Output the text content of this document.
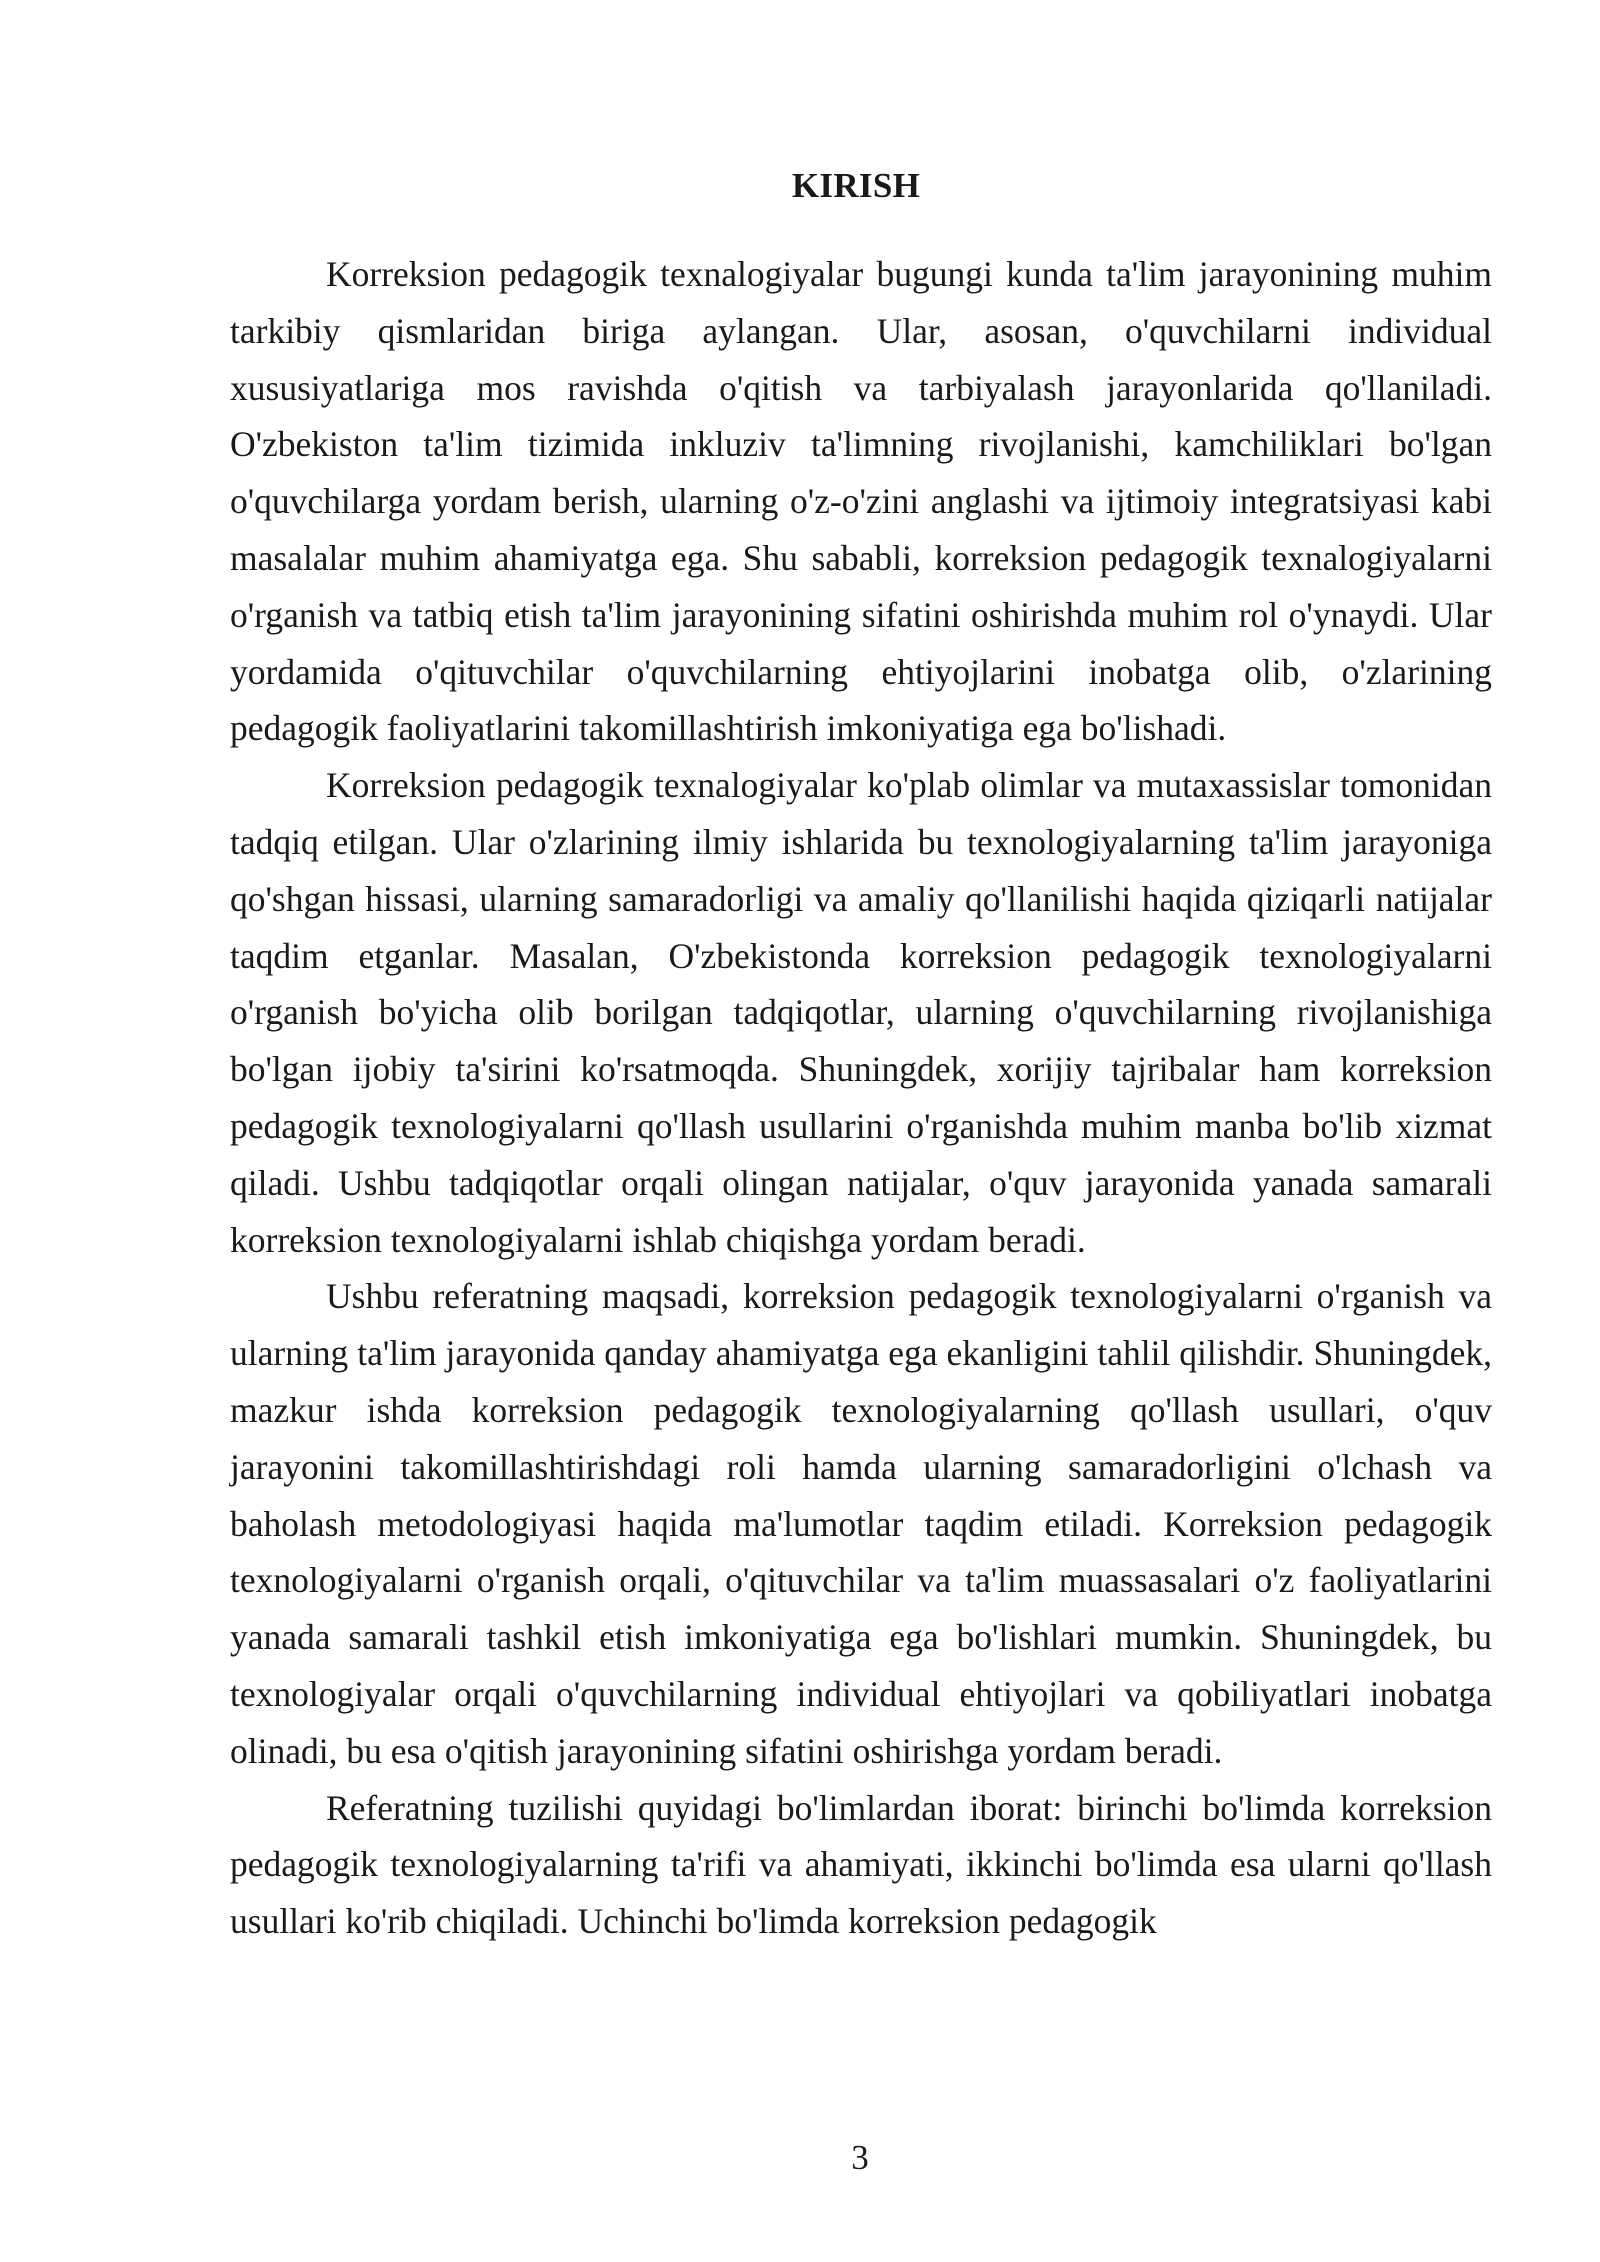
KIRISH

Korreksion pedagogik texnalogiyalar bugungi kunda ta'lim jarayonining muhim tarkibiy qismlaridan biriga aylangan. Ular, asosan, o'quvchilarni individual xususiyatlariga mos ravishda o'qitish va tarbiyalash jarayonlarida qo'llaniladi. O'zbekiston ta'lim tizimida inkluziv ta'limning rivojlanishi, kamchiliklari bo'lgan o'quvchilarga yordam berish, ularning o'z-o'zini anglashi va ijtimoiy integratsiyasi kabi masalalar muhim ahamiyatga ega. Shu sababli, korreksion pedagogik texnalogiyalarni o'rganish va tatbiq etish ta'lim jarayonining sifatini oshirishda muhim rol o'ynaydi. Ular yordamida o'qituvchilar o'quvchilarning ehtiyojlarini inobatga olib, o'zlarining pedagogik faoliyatlarini takomillashtirish imkoniyatiga ega bo'lishadi.

Korreksion pedagogik texnalogiyalar ko'plab olimlar va mutaxassislar tomonidan tadqiq etilgan. Ular o'zlarining ilmiy ishlarida bu texnologiyalarning ta'lim jarayoniga qo'shgan hissasi, ularning samaradorligi va amaliy qo'llanilishi haqida qiziqarli natijalar taqdim etganlar. Masalan, O'zbekistonda korreksion pedagogik texnologiyalarni o'rganish bo'yicha olib borilgan tadqiqotlar, ularning o'quvchilarning rivojlanishiga bo'lgan ijobiy ta'sirini ko'rsatmoqda. Shuningdek, xorijiy tajribalar ham korreksion pedagogik texnologiyalarni qo'llash usullarini o'rganishda muhim manba bo'lib xizmat qiladi. Ushbu tadqiqotlar orqali olingan natijalar, o'quv jarayonida yanada samarali korreksion texnologiyalarni ishlab chiqishga yordam beradi.

Ushbu referatning maqsadi, korreksion pedagogik texnologiyalarni o'rganish va ularning ta'lim jarayonida qanday ahamiyatga ega ekanligini tahlil qilishdir. Shuningdek, mazkur ishda korreksion pedagogik texnologiyalarning qo'llash usullari, o'quv jarayonini takomillashtirishdagi roli hamda ularning samaradorligini o'lchash va baholash metodologiyasi haqida ma'lumotlar taqdim etiladi. Korreksion pedagogik texnologiyalarni o'rganish orqali, o'qituvchilar va ta'lim muassasalari o'z faoliyatlarini yanada samarali tashkil etish imkoniyatiga ega bo'lishlari mumkin. Shuningdek, bu texnologiyalar orqali o'quvchilarning individual ehtiyojlari va qobiliyatlari inobatga olinadi, bu esa o'qitish jarayonining sifatini oshirishga yordam beradi.

Referatning tuzilishi quyidagi bo'limlardan iborat: birinchi bo'limda korreksion pedagogik texnologiyalarning ta'rifi va ahamiyati, ikkinchi bo'limda esa ularni qo'llash usullari ko'rib chiqiladi. Uchinchi bo'limda korreksion pedagogik

3
